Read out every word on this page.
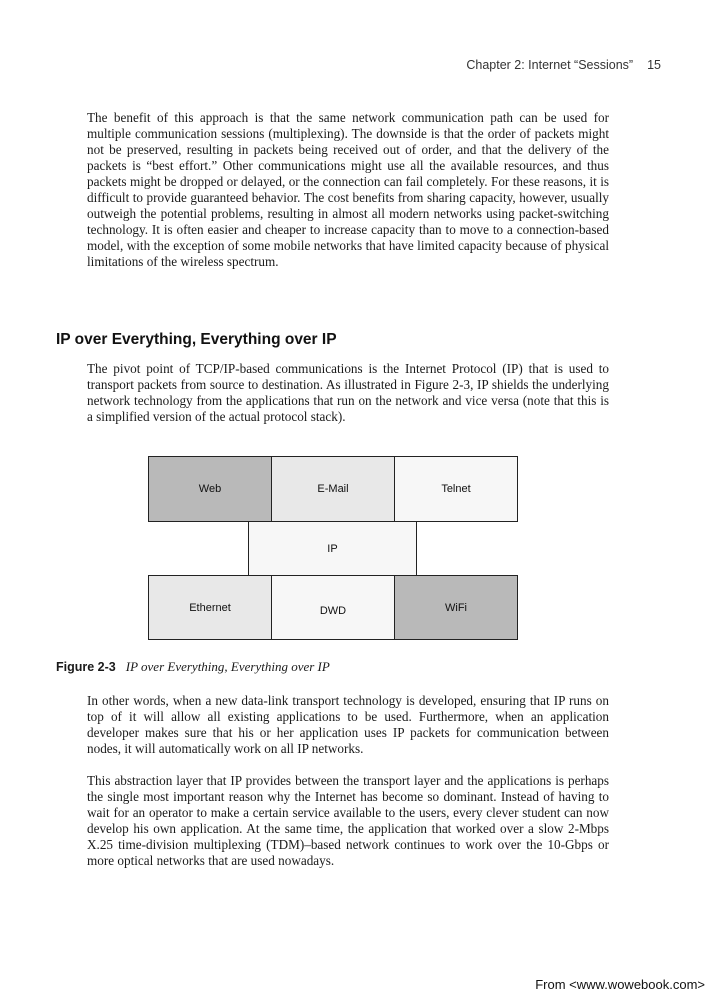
Chapter 2: Internet “Sessions” 15

The benefit of this approach is that the same network communication path can be used for multiple communication sessions (multiplexing). The downside is that the order of packets might not be preserved, resulting in packets being received out of order, and that the delivery of the packets is “best effort.” Other communications might use all the available resources, and thus packets might be dropped or delayed, or the connection can fail completely. For these reasons, it is difficult to provide guaranteed behavior. The cost benefits from sharing capacity, however, usually outweigh the potential problems, resulting in almost all modern networks using packet-switching technology. It is often easier and cheaper to increase capacity than to move to a connection-based model, with the exception of some mobile networks that have limited capacity because of physical limitations of the wireless spectrum.

IP over Everything, Everything over IP

The pivot point of TCP/IP-based communications is the Internet Protocol (IP) that is used to transport packets from source to destination. As illustrated in Figure 2-3, IP shields the underlying network technology from the applications that run on the network and vice versa (note that this is a simplified version of the actual protocol stack).

Web	E-Mail	Telnet
IP
Ethernet	DWD	WiFi

Figure 2-3 IP over Everything, Everything over IP

In other words, when a new data-link transport technology is developed, ensuring that IP runs on top of it will allow all existing applications to be used. Furthermore, when an application developer makes sure that his or her application uses IP packets for communication between nodes, it will automatically work on all IP networks.

This abstraction layer that IP provides between the transport layer and the applications is perhaps the single most important reason why the Internet has become so dominant. Instead of having to wait for an operator to make a certain service available to the users, every clever student can now develop his own application. At the same time, the application that worked over a slow 2-Mbps X.25 time-division multiplexing (TDM)–based network continues to work over the 10-Gbps or more optical networks that are used nowadays.

From <www.wowebook.com>
